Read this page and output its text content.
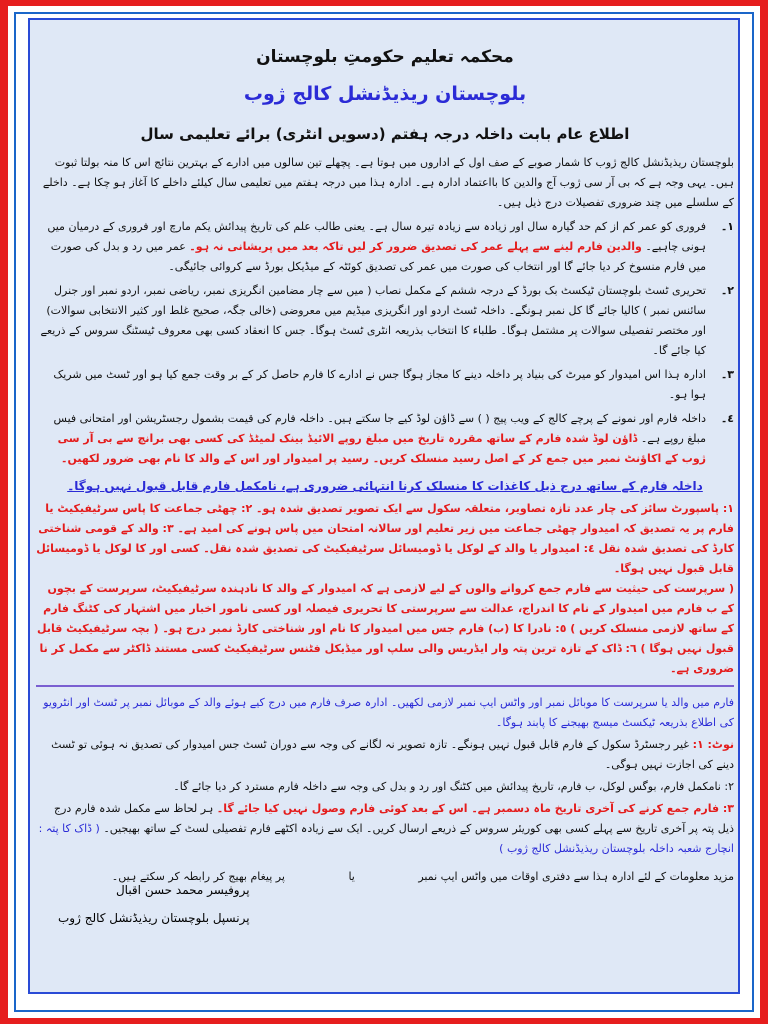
محکمہ تعلیم حکومتِ بلوچستان
بلوچستان ریذیڈنشل کالج ژوب
اطلاع عام بابت داخلہ درجہ ہفتم (دسویں انٹری) برائے تعلیمی سال
بلوچستان ریذیڈنشل کالج ژوب کا شمار صوبے کے صف اول کے اداروں میں ہوتا ہے۔ پچھلے تین سالوں میں ادارے کے بہترین نتائج اس کا منہ بولتا ثبوت ہیں۔ یہی وجہ ہے کہ بی آر سی ژوب آج والدین کا بااعتماد ادارہ ہے۔ ادارہ ہذا میں درجہ ہفتم میں تعلیمی سال کیلئے داخلے کا آغاز ہو چکا ہے۔ داخلے کے سلسلے میں چند ضروری تفصیلات درج ذیل ہیں۔
١۔
فروری کو عمر کم از کم حد گیارہ سال اور زیادہ سے زیادہ تیرہ سال ہے۔ یعنی طالب علم کی تاریخ پیدائش یکم مارچ اور فروری کے درمیان میں ہونی چاہیے۔ والدین فارم لینے سے پہلے عمر کی تصدیق ضرور کر لیں تاکہ بعد میں پریشانی نہ ہو۔ عمر میں رد و بدل کی صورت میں فارم منسوخ کر دیا جائے گا اور انتخاب کی صورت میں عمر کی تصدیق کوئٹہ کے میڈیکل بورڈ سے کروائی جائیگی۔
٢۔
تحریری ٹسٹ بلوچستان ٹیکسٹ بک بورڈ کے درجہ ششم کے مکمل نصاب ( میں سے چار مضامین انگریزی نمبر، ریاضی نمبر، اردو نمبر اور جنرل سائنس نمبر ) کالیا جائے گا کل نمبر ہونگے۔ داخلہ ٹسٹ اردو اور انگریزی میڈیم میں معروضی (خالی جگہ، صحیح غلط اور کثیر الانتخابی سوالات) اور مختصر تفصیلی سوالات پر مشتمل ہوگا۔ طلباء کا انتخاب بذریعہ انٹری ٹسٹ ہوگا۔ جس کا انعقاد کسی بھی معروف ٹیسٹنگ سروس کے ذریعے کیا جائے گا۔
٣۔
ادارہ ہذا اس امیدوار کو میرٹ کی بنیاد پر داخلہ دینے کا مجاز ہوگا جس نے ادارے کا فارم حاصل کر کے بر وقت جمع کیا ہو اور ٹسٹ میں شریک ہوا ہو۔
٤۔
داخلہ فارم اور نمونے کے پرچے کالج کے ویب پیج ( ) سے ڈاؤن لوڈ کیے جا سکتے ہیں۔ داخلہ فارم کی قیمت بشمول رجسٹریشن اور امتحانی فیس مبلغ روپے ہے۔ ڈاؤن لوڈ شدہ فارم کے ساتھ مقررہ تاریخ میں مبلغ روپے الائیڈ بینک لمیٹڈ کی کسی بھی برانچ سے بی آر سی ژوب کے اکاؤنٹ نمبر میں جمع کر کے اصل رسید منسلک کریں۔ رسید پر امیدوار اور اس کے والد کا نام بھی ضرور لکھیں۔
داخلہ فارم کے ساتھ درج ذیل کاغذات کا منسلک کرنا انتہائی ضروری ہے، نامکمل فارم قابل قبول نہیں ہوگا۔
١: پاسپورٹ سائز کی چار عدد تازہ تصاویر، متعلقہ سکول سے ایک تصویر تصدیق شدہ ہو۔ ٢: چھٹی جماعت کا پاس سرٹیفیکیٹ یا فارم پر یہ تصدیق کہ امیدوار چھٹی جماعت میں زیر تعلیم اور سالانہ امتحان میں پاس ہونے کی امید ہے۔ ٣: والد کے قومی شناختی کارڈ کی تصدیق شدہ نقل ٤: امیدوار یا والد کے لوکل یا ڈومیسائل سرٹیفیکیٹ کی تصدیق شدہ نقل۔ کسی اور کا لوکل یا ڈومیسائل قابل قبول نہیں ہوگا۔
( سرپرست کی حیثیت سے فارم جمع کروانے والوں کے لیے لازمی ہے کہ امیدوار کے والد کا نادہندہ سرٹیفیکیٹ، سرپرست کے بچوں کے ب فارم میں امیدوار کے نام کا اندراج، عدالت سے سرپرستی کا تحریری فیصلہ اور کسی نامور اخبار میں اشتہار کی کٹنگ فارم کے ساتھ لازمی منسلک کریں ) ٥: نادرا کا (ب) فارم جس میں امیدوار کا نام اور شناختی کارڈ نمبر درج ہو۔ ( بچہ سرٹیفیکیٹ قابل قبول نہیں ہوگا ) ٦: ڈاک کے تازہ ترین پتہ وار ایڈریس والی سلپ اور میڈیکل فٹنس سرٹیفیکیٹ کسی مستند ڈاکٹر سے مکمل کر نا ضروری ہے۔
فارم میں والد یا سرپرست کا موبائل نمبر اور واٹس ایپ نمبر لازمی لکھیں۔ ادارہ صرف فارم میں درج کیے ہوئے والد کے موبائل نمبر پر ٹسٹ اور انٹرویو کی اطلاع بذریعہ ٹیکسٹ میسج بھیجنے کا پابند ہوگا۔
نوٹ: ١: غیر رجسٹرڈ سکول کے فارم قابل قبول نہیں ہونگے۔ تازہ تصویر نہ لگانے کی وجہ سے دوران ٹسٹ جس امیدوار کی تصدیق نہ ہوئی تو ٹسٹ دینے کی اجازت نہیں ہوگی۔
٢: نامکمل فارم، بوگس لوکل، ب فارم، تاریخ پیدائش میں کٹنگ اور رد و بدل کی وجہ سے داخلہ فارم مسترد کر دیا جائے گا۔
٣: فارم جمع کرنے کی آخری تاریخ ماہ دسمبر ہے۔ اس کے بعد کوئی فارم وصول نہیں کیا جائے گا۔ ہر لحاظ سے مکمل شدہ فارم درج ذیل پتہ پر آخری تاریخ سے پہلے کسی بھی کوریئر سروس کے ذریعے ارسال کریں۔ ایک سے زیادہ اکٹھے فارم تفصیلی لسٹ کے ساتھ بھیجیں۔ ( ڈاک کا پتہ : انچارج شعبہ داخلہ بلوچستان ریذیڈنشل کالج ژوب )
مزید معلومات کے لئے ادارہ ہذا سے دفتری اوقات میں واٹس ایپ نمبر یا پر پیغام بھیج کر رابطہ کر سکتے ہیں۔
پروفیسر محمد حسن اقبال
پرنسپل بلوچستان ریذیڈنشل کالج ژوب
